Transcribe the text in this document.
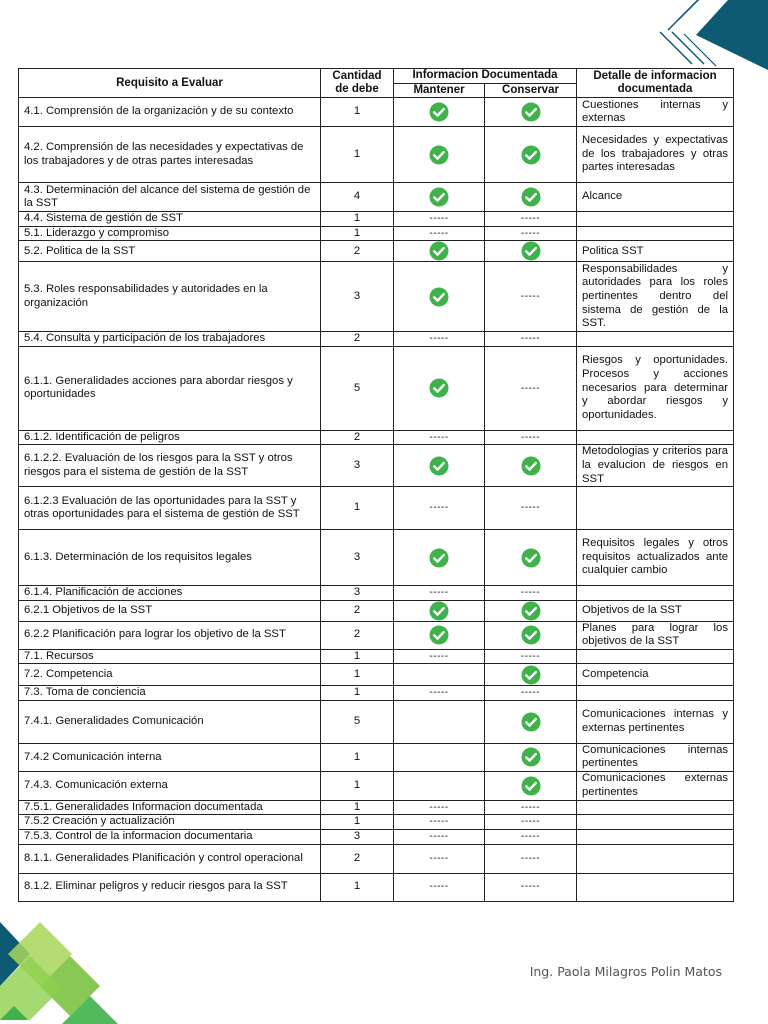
Requisito a Evaluar	Cantidad de debe	Informacion Documentada		Detalle de informacion documentada
		Mantener	Conservar	
4.1. Comprensión de la organización y de su contexto	1			Cuestiones internas y externas
4.2. Comprensión de las necesidades y expectativas de los trabajadores y de otras partes interesadas	1			Necesidades y expectativas de los trabajadores y otras partes interesadas
4.3. Determinación del alcance del sistema de gestión de la SST	4			Alcance
4.4. Sistema de gestión de SST	1	-----	-----	
5.1. Liderazgo y compromiso	1	-----	-----	
5.2. Politica de la SST	2			Politica SST
5.3. Roles responsabilidades y autoridades en la organización	3		-----	Responsabilidades y autoridades para los roles pertinentes dentro del sistema de gestión de la SST.
5.4. Consulta y participación de los trabajadores	2	-----	-----	
6.1.1. Generalidades acciones para abordar riesgos y oportunidades	5		-----	Riesgos y oportunidades. Procesos y acciones necesarios para determinar y abordar riesgos y oportunidades.
6.1.2. Identificación de peligros	2	-----	-----	
6.1.2.2. Evaluación de los riesgos para la SST y otros riesgos para el sistema de gestión de la SST	3			Metodologias y criterios para la evalucion de riesgos en SST
6.1.2.3 Evaluación de las oportunidades para la SST y otras oportunidades para el sistema de gestión de SST	1	-----	-----	
6.1.3. Determinación de los requisitos legales	3			Requisitos legales y otros requisitos actualizados ante cualquier cambio
6.1.4. Planificación de acciones	3	-----	-----	
6.2.1 Objetivos de la SST	2			Objetivos de la SST
6.2.2 Planificación para lograr los objetivo de la SST	2			Planes para lograr los objetivos de la SST
7.1. Recursos	1	-----	-----	
7.2. Competencia	1			Competencia
7.3. Toma de conciencia	1	-----	-----	
7.4.1. Generalidades Comunicación	5			Comunicaciones internas y externas pertinentes
7.4.2 Comunicación interna	1			Comunicaciones internas pertinentes
7.4.3. Comunicación externa	1			Comunicaciones externas pertinentes
7.5.1. Generalidades Informacion documentada	1	-----	-----	
7.5.2 Creación y actualización	1	-----	-----	
7.5.3. Control de la informacion documentaria	3	-----	-----	
8.1.1. Generalidades Planificación y control operacional	2	-----	-----	
8.1.2. Eliminar peligros y reducir riesgos para la SST	1	-----	-----	
Ing. Paola Milagros Polin Matos
